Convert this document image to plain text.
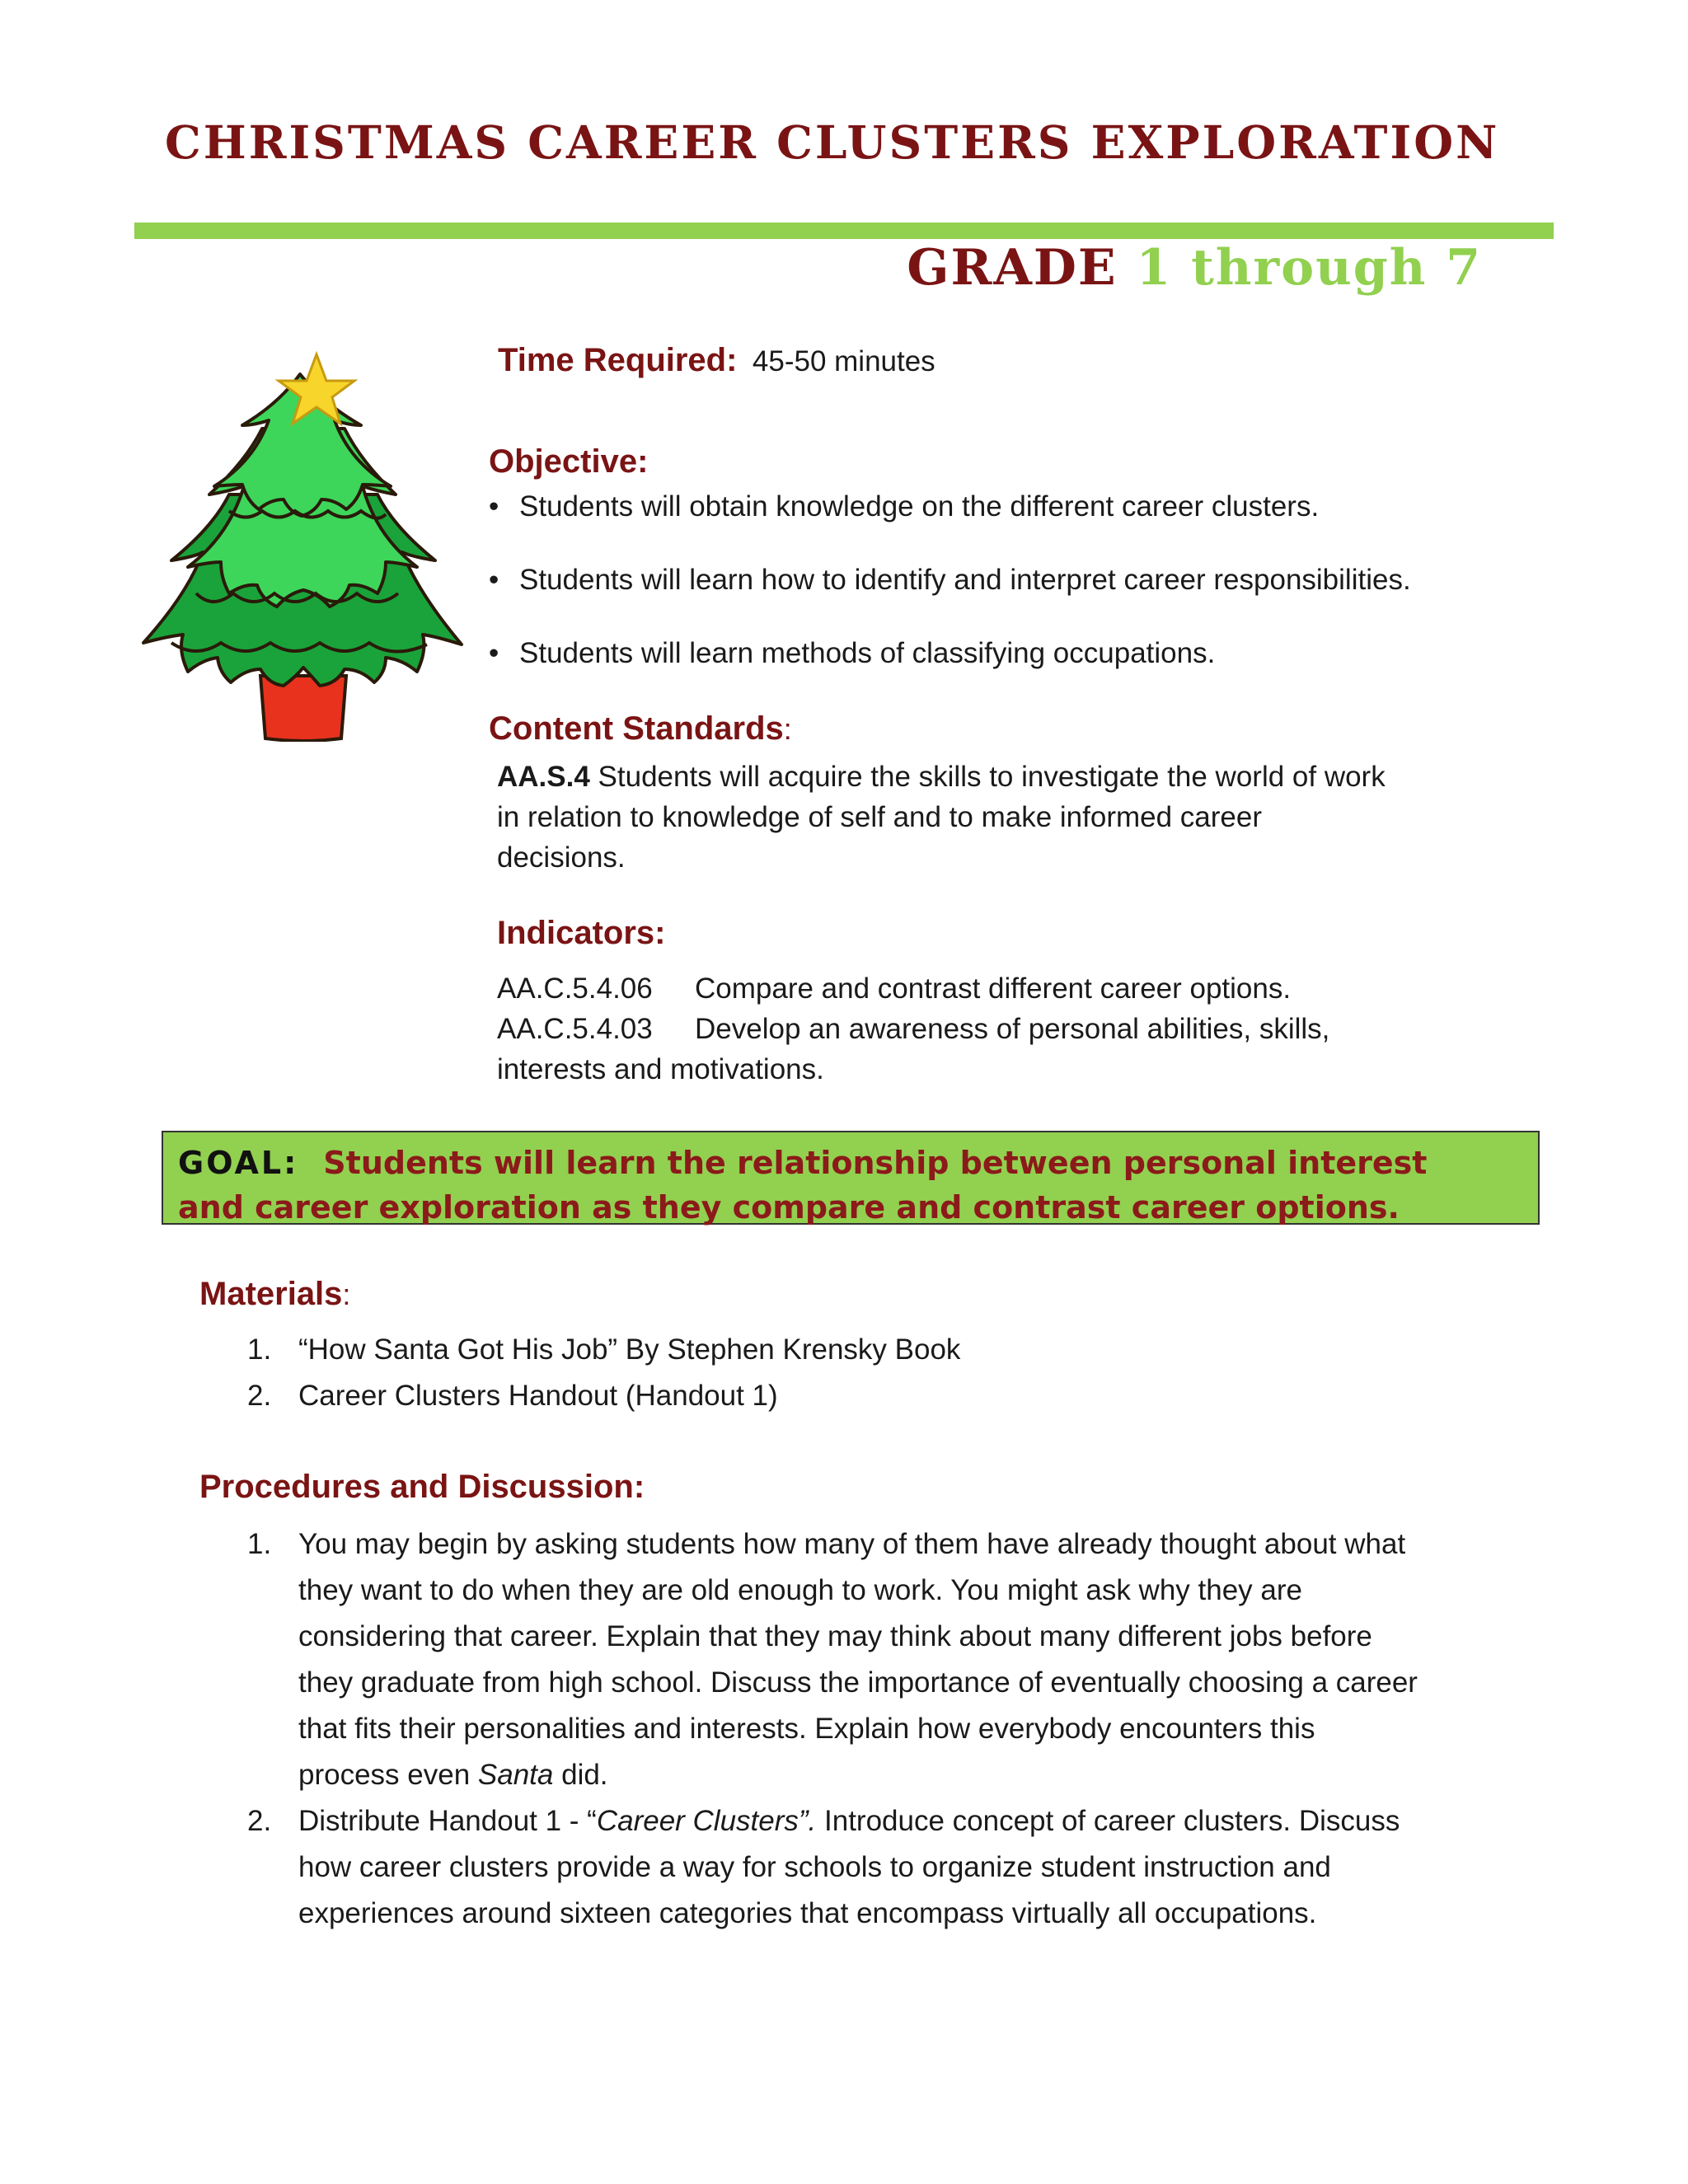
CHRISTMAS CAREER CLUSTERS EXPLORATION
GRADE 1 through 7
Time Required: 45-50 minutes
Objective:
• Students will obtain knowledge on the different career clusters.
• Students will learn how to identify and interpret career responsibilities.
• Students will learn methods of classifying occupations.
Content Standards:
AA.S.4 Students will acquire the skills to investigate the world of work
in relation to knowledge of self and to make informed career
decisions.
Indicators:
AA.C.5.4.06	Compare and contrast different career options.
AA.C.5.4.03	Develop an awareness of personal abilities, skills,
interests and motivations.
GOAL: Students will learn the relationship between personal interest
and career exploration as they compare and contrast career options.
Materials:
1. “How Santa Got His Job” By Stephen Krensky Book
2. Career Clusters Handout (Handout 1)
Procedures and Discussion:
1. You may begin by asking students how many of them have already thought about what
they want to do when they are old enough to work. You might ask why they are
considering that career. Explain that they may think about many different jobs before
they graduate from high school. Discuss the importance of eventually choosing a career
that fits their personalities and interests. Explain how everybody encounters this
process even Santa did.
2. Distribute Handout 1 - “Career Clusters”. Introduce concept of career clusters. Discuss
how career clusters provide a way for schools to organize student instruction and
experiences around sixteen categories that encompass virtually all occupations.
